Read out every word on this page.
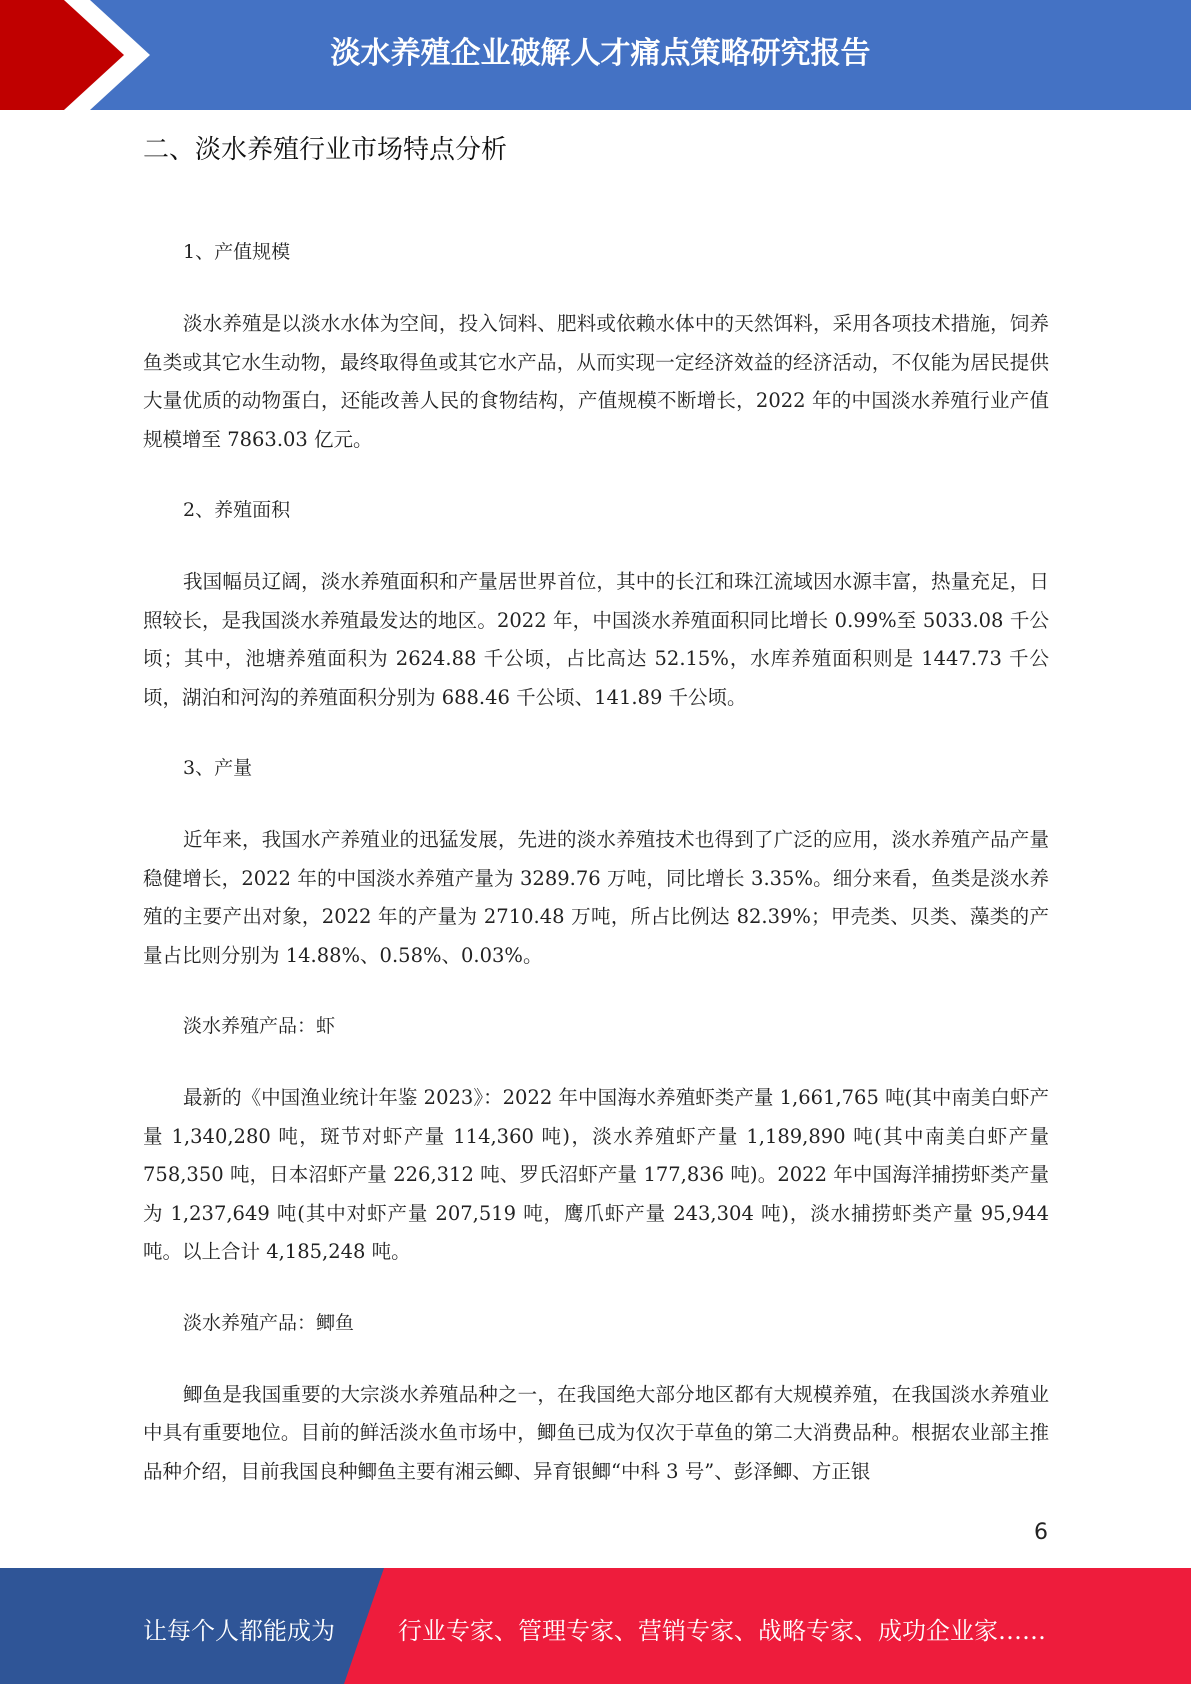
淡水养殖企业破解人才痛点策略研究报告
二、淡水养殖行业市场特点分析

1、产值规模

淡水养殖是以淡水水体为空间，投入饲料、肥料或依赖水体中的天然饵料，采用各项技术措施，饲养鱼类或其它水生动物，最终取得鱼或其它水产品，从而实现一定经济效益的经济活动，不仅能为居民提供大量优质的动物蛋白，还能改善人民的食物结构，产值规模不断增长，2022 年的中国淡水养殖行业产值规模增至 7863.03 亿元。

2、养殖面积

我国幅员辽阔，淡水养殖面积和产量居世界首位，其中的长江和珠江流域因水源丰富，热量充足，日照较长，是我国淡水养殖最发达的地区。2022 年，中国淡水养殖面积同比增长 0.99%至 5033.08 千公顷；其中，池塘养殖面积为 2624.88 千公顷，占比高达 52.15%，水库养殖面积则是 1447.73 千公顷，湖泊和河沟的养殖面积分别为 688.46 千公顷、141.89 千公顷。

3、产量

近年来，我国水产养殖业的迅猛发展，先进的淡水养殖技术也得到了广泛的应用，淡水养殖产品产量稳健增长，2022 年的中国淡水养殖产量为 3289.76 万吨，同比增长 3.35%。细分来看，鱼类是淡水养殖的主要产出对象，2022 年的产量为 2710.48 万吨，所占比例达 82.39%；甲壳类、贝类、藻类的产量占比则分别为 14.88%、0.58%、0.03%。

淡水养殖产品：虾

最新的《中国渔业统计年鉴 2023》：2022 年中国海水养殖虾类产量 1,661,765 吨(其中南美白虾产量 1,340,280 吨，斑节对虾产量 114,360 吨)，淡水养殖虾产量 1,189,890 吨(其中南美白虾产量 758,350 吨，日本沼虾产量 226,312 吨、罗氏沼虾产量 177,836 吨)。2022 年中国海洋捕捞虾类产量为 1,237,649 吨(其中对虾产量 207,519 吨，鹰爪虾产量 243,304 吨)，淡水捕捞虾类产量 95,944 吨。以上合计 4,185,248 吨。

淡水养殖产品：鲫鱼

鲫鱼是我国重要的大宗淡水养殖品种之一，在我国绝大部分地区都有大规模养殖，在我国淡水养殖业中具有重要地位。目前的鲜活淡水鱼市场中，鲫鱼已成为仅次于草鱼的第二大消费品种。根据农业部主推品种介绍，目前我国良种鲫鱼主要有湘云鲫、异育银鲫“中科 3 号”、彭泽鲫、方正银

6
让每个人都能成为	行业专家、管理专家、营销专家、战略专家、成功企业家……
